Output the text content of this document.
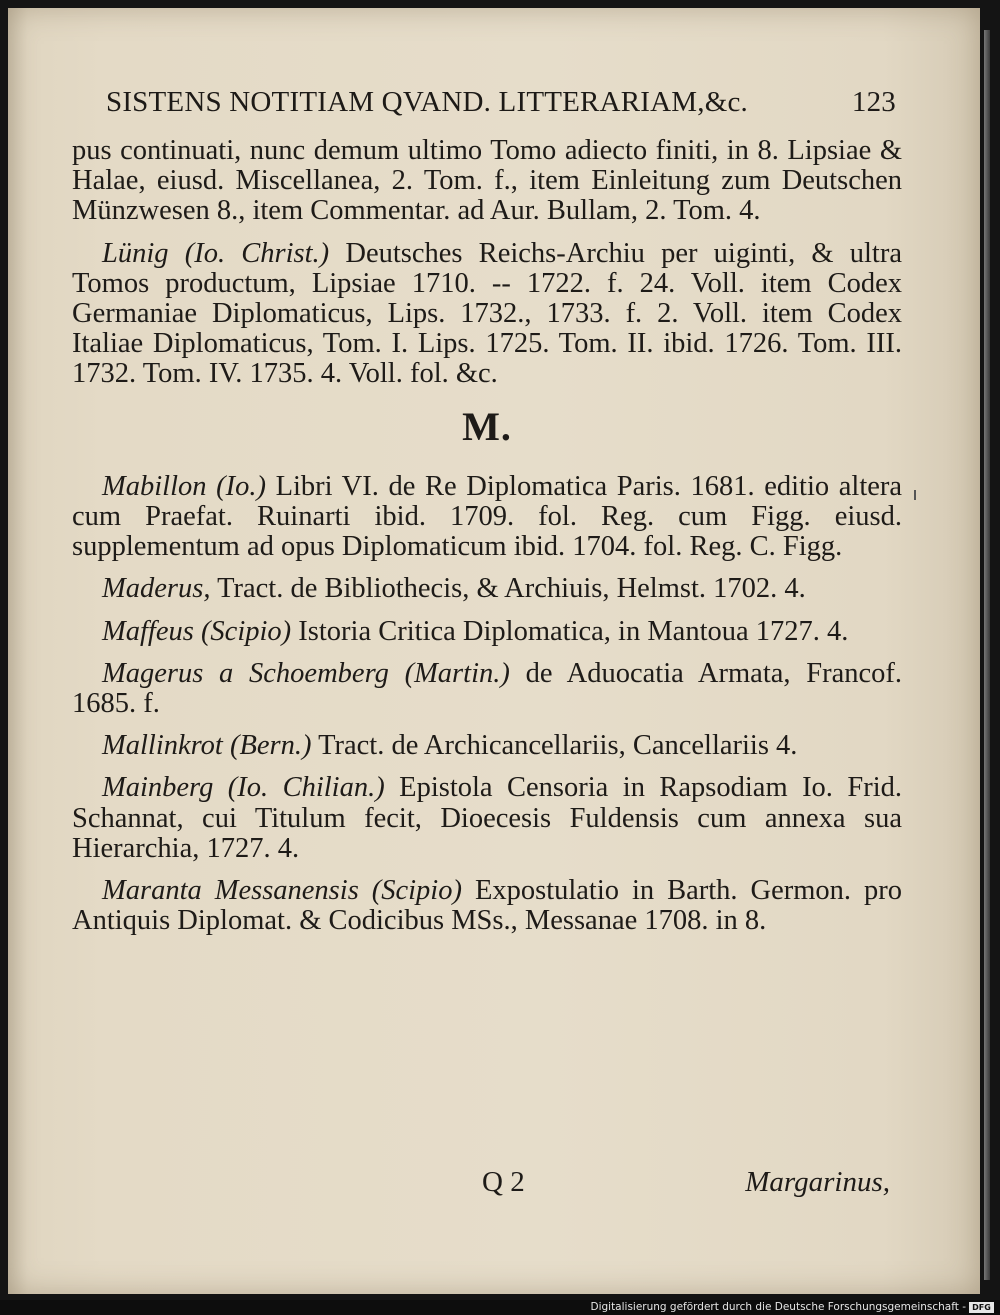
SISTENS NOTITIAM QVAND. LITTERARIAM,&c.	123

pus continuati, nunc demum ultimo Tomo adiecto finiti, in 8. Lipsiae & Halae, eiusd. Miscellanea, 2. Tom. f., item Einleitung zum Deutschen Münzwesen 8., item Commentar. ad Aur. Bullam, 2. Tom. 4.

Lünig (Io. Christ.) Deutsches Reichs-Archiu per uiginti, & ultra Tomos productum, Lipsiae 1710. -- 1722. f. 24. Voll. item Codex Germaniae Diplomaticus, Lips. 1732., 1733. f. 2. Voll. item Codex Italiae Diplomaticus, Tom. I. Lips. 1725. Tom. II. ibid. 1726. Tom. III. 1732. Tom. IV. 1735. 4. Voll. fol. &c.

M.

Mabillon (Io.) Libri VI. de Re Diplomatica Paris. 1681. editio altera cum Praefat. Ruinarti ibid. 1709. fol. Reg. cum Figg. eiusd. supplementum ad opus Diplomaticum ibid. 1704. fol. Reg. C. Figg.

Maderus, Tract. de Bibliothecis, & Archiuis, Helmst. 1702. 4.

Maffeus (Scipio) Istoria Critica Diplomatica, in Mantoua 1727. 4.

Magerus a Schoemberg (Martin.) de Aduocatia Armata, Francof. 1685. f.

Mallinkrot (Bern.) Tract. de Archicancellariis, Cancellariis 4.

Mainberg (Io. Chilian.) Epistola Censoria in Rapsodiam Io. Frid. Schannat, cui Titulum fecit, Dioecesis Fuldensis cum annexa sua Hierarchia, 1727. 4.

Maranta Messanensis (Scipio) Expostulatio in Barth. Germon. pro Antiquis Diplomat. & Codicibus MSs., Messanae 1708. in 8.

Q 2	Margarinus,
Digitalisierung gefördert durch die Deutsche Forschungsgemeinschaft - DFG
